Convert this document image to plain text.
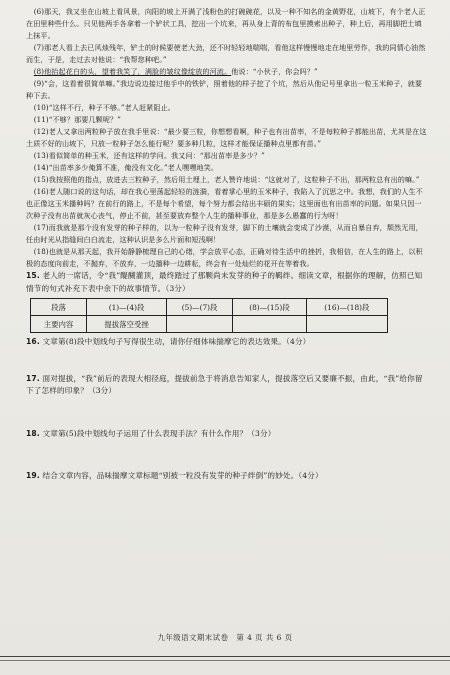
(6)那天，我又坐在山坡上看风景，向阳的坡上开满了浅粉色的打碗碗花，以及一种不知名的金黄野花，山坡下，有个老人正在田里种些什么。只见他两手各拿着一个铲状工具，挖出一个坑来，再从身上背的布包里摸索出种子，种上后，再用脚把土填上抹平。

(7)那老人看上去已风烛残年，铲土的时候要使老大劲，还不时轻轻地喘喘，看他这样慢慢地走在地里劳作，我的同情心油然而生，于是，走过去对他说：“我帮您种吧。”

(8)他抬起花白的头，望着我笑了，满脸的皱纹像绽放的河流。他说：“小伙子，你会吗？”

(9)“会，这看着很简单嘛。”我边说边接过他手中的铁铲，照着他的样子挖了个坑，然后从他记号里拿出一粒玉米种子，就要种下去。

(10)“这样不行，种子不够。”老人赶紧阻止。

(11)“不够？那要几颗呢？”

(12)老人又拿出两粒种子放在我手里说：“最少要三粒，你想想看啊，种子也有出苗率，不是每粒种子都能出苗，尤其是在这土质不好的山坡下，只放一粒种子怎么能行呢？要多种几粒，这样才能保证播种点里都有苗。”

(13)看似简单的种玉米，还有这样的学问。我又问：“那出苗率是多少？”

(14)“出苗率多少俺算不准，俺没有文化。”老人嘿嘿地笑。

(15)我按照他的指点，放进去三粒种子，然后用土埋上，老人赞许地说：“这就对了，这粒种子不出，那两粒总有出的嘛。”

(16)老人随口说的这句话，却在我心里荡起轻轻的涟漪，看着掌心里的玉米种子，我陷入了沉思之中。我想，我们的人生不也正像这玉米播种吗？在前行的路上，不是每个希望，每个努力都会结出丰硕的果实；这里面也有出苗率的问题。如果只因一次种子没有出苗就灰心丧气，停止不前，甚至要放弃整个人生的播种事业，那是多么愚蠢的行为呀！

(17)而我就是那个没有发芽的种子样的，以为一粒种子没有发芽，脚下的土壤就会变成了沙漠，从而自暴自弃，颓然无用，任由时光从指缝间白白流走，这种认识是多么片面和短浅啊！

(18)也就是从那天起，我开始静静梳理自己的心绪，学会放平心态，正确对待生活中的挫折，我相信，在人生的路上，以积极的态度向前走，不抛弃，不放弃，一边播种一边耕耘，终会有一处灿烂的花开在等着我。

15. 老人的一席话，令“我”醍醐灌顶，最终踏过了那颗尚未发芽的种子的羁绊。细读文章，根据你的理解，仿照已知情节的句式补充下表中余下的故事情节。（3分）

段落	(1)—(4)段	(5)—(7)段	(8)—(15)段	(16)—(18)段
主要内容	提拔落空受挫			

16. 文章第(8)段中划线句子写得很生动，请你仔细体味揣摩它的表达效果。（4分）

17. 面对提拔，“我”前后的表现大相径庭，提拔前急于将消息告知家人，提拔落空后又要廉不振，由此，“我”给你留下了怎样的印象？（3分）

18. 文章第(5)段中划线句子运用了什么表现手法？有什么作用？（3分）

19. 结合文章内容，品味揣摩文章标题“别被一粒没有发芽的种子绊倒”的妙处。（4分）

九年级语文期末试卷　第 4 页 共 6 页
